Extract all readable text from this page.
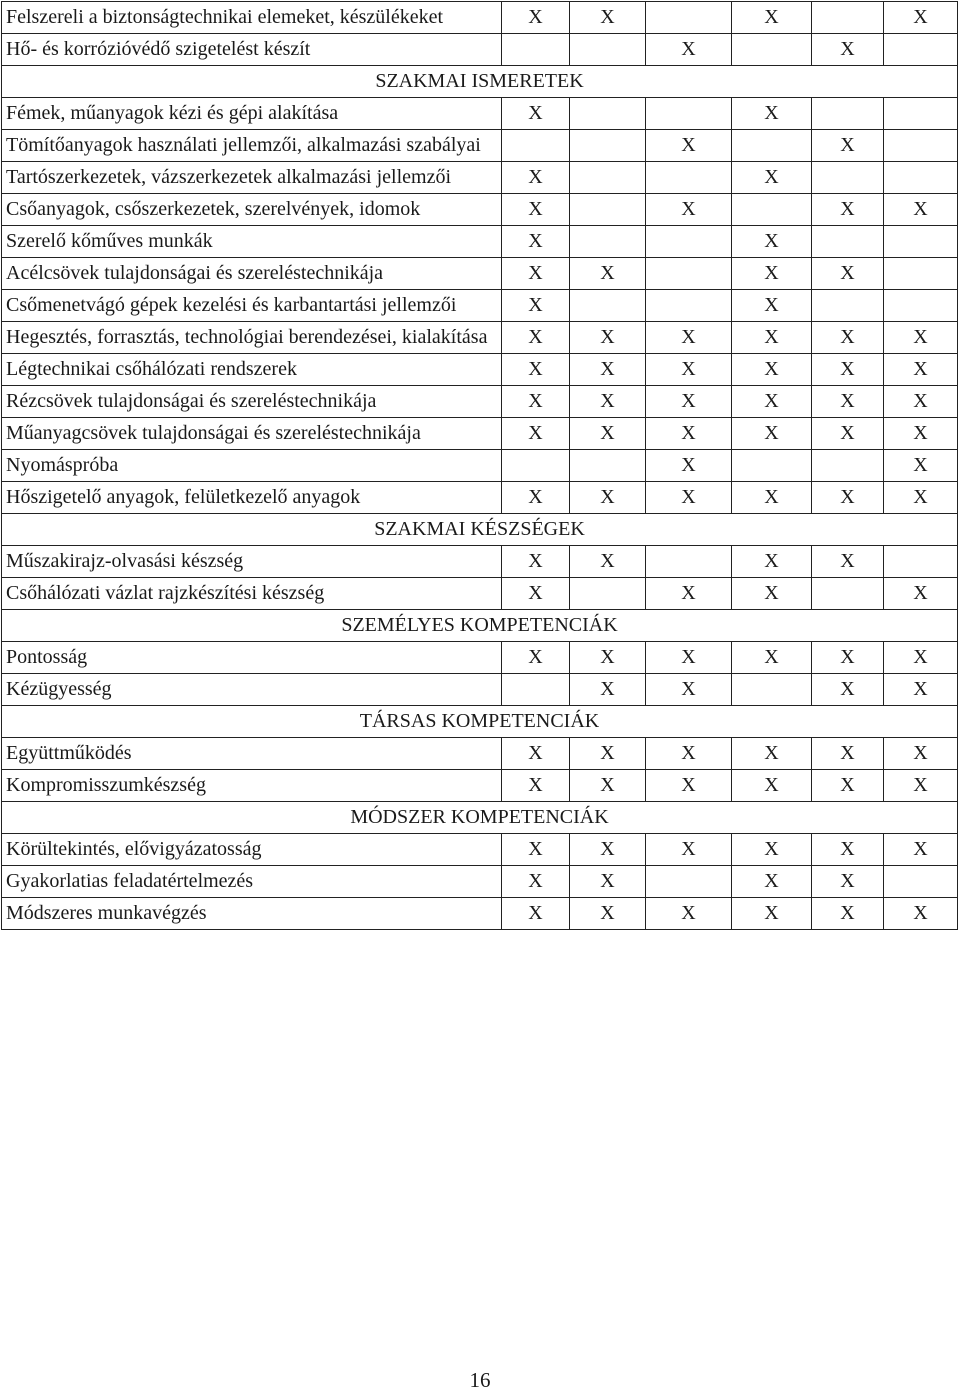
Felszereli a biztonságtechnikai elemeket, készülékeket	X	X		X		X
Hő- és korrózióvédő szigetelést készít			X		X	
SZAKMAI ISMERETEK						
Fémek, műanyagok kézi és gépi alakítása	X			X		
Tömítőanyagok használati jellemzői, alkalmazási szabályai			X		X	
Tartószerkezetek, vázszerkezetek alkalmazási jellemzői	X			X		
Csőanyagok, csőszerkezetek, szerelvények, idomok	X		X		X	X
Szerelő kőműves munkák	X			X		
Acélcsövek tulajdonságai és szereléstechnikája	X	X		X	X	
Csőmenetvágó gépek kezelési és karbantartási jellemzői	X			X		
Hegesztés, forrasztás, technológiai berendezései, kialakítása	X	X	X	X	X	X
Légtechnikai csőhálózati rendszerek	X	X	X	X	X	X
Rézcsövek tulajdonságai és szereléstechnikája	X	X	X	X	X	X
Műanyagcsövek tulajdonságai és szereléstechnikája	X	X	X	X	X	X
Nyomáspróba			X			X
Hőszigetelő anyagok, felületkezelő anyagok	X	X	X	X	X	X
SZAKMAI KÉSZSÉGEK						
Műszakirajz-olvasási készség	X	X		X	X	
Csőhálózati vázlat rajzkészítési készség	X		X	X		X
SZEMÉLYES KOMPETENCIÁK						
Pontosság	X	X	X	X	X	X
Kézügyesség		X	X		X	X
TÁRSAS KOMPETENCIÁK						
Együttműködés	X	X	X	X	X	X
Kompromisszumkészség	X	X	X	X	X	X
MÓDSZER KOMPETENCIÁK						
Körültekintés, elővigyázatosság	X	X	X	X	X	X
Gyakorlatias feladatértelmezés	X	X		X	X	
Módszeres munkavégzés	X	X	X	X	X	X
16
